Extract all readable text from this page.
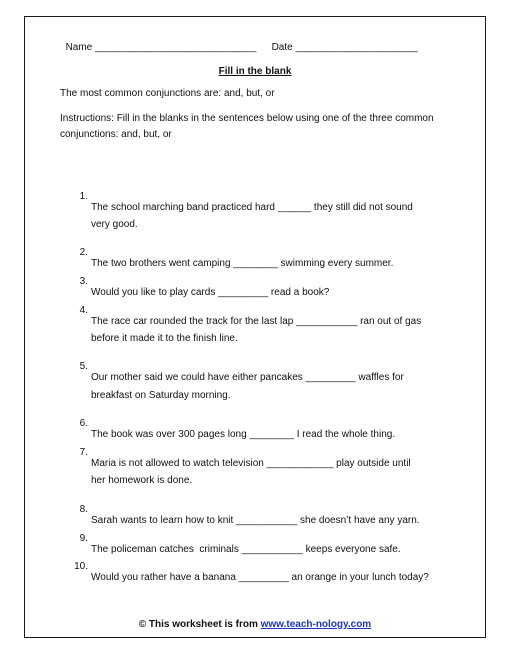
Name _____________________________	Date ______________________

Fill in the blank
The most common conjunctions are: and, but, or
Instructions: Fill in the blanks in the sentences below using one of the three common conjunctions: and, but, or

1.

The school marching band practiced hard ______ they still did not sound

very good.

2.

The two brothers went camping ________ swimming every summer.

3.

Would you like to play cards _________ read a book?

4.

The race car rounded the track for the last lap ___________ ran out of gas

before it made it to the finish line.

5.

Our mother said we could have either pancakes _________ waffles for

breakfast on Saturday morning.

6.

The book was over 300 pages long ________ I read the whole thing.

7.

Maria is not allowed to watch television ____________ play outside until

her homework is done.

8.

Sarah wants to learn how to knit ___________ she doesn’t have any yarn.

9.

The policeman catches  criminals ___________ keeps everyone safe.

10.

Would you rather have a banana _________ an orange in your lunch today?

© This worksheet is from www.teach-nology.com
